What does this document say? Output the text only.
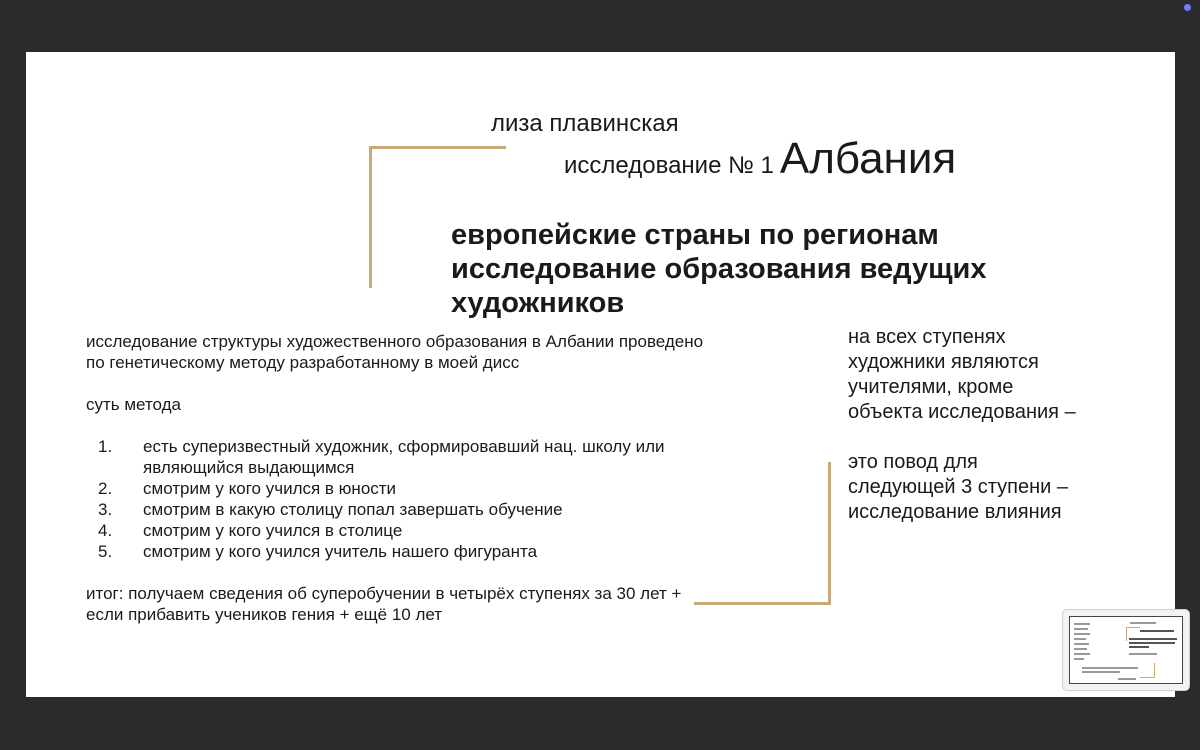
лиза плавинская
исследование № 1 Албания
европейские страны по регионам
исследование образования ведущих
художников

исследование структуры художественного образования в Албании проведено

по генетическому методу разработанному в моей дисс

суть метода

1.	есть суперизвестный художник, сформировавший нац. школу или
являющийся выдающимся
2.	смотрим у кого учился в юности
3.	смотрим в какую столицу попал завершать обучение
4.	смотрим у кого учился в столице
5.	смотрим у кого учился учитель нашего фигуранта

итог: получаем сведения об суперобучении в четырёх ступенях за 30 лет +

если прибавить учеников гения + ещё 10 лет

на всех ступенях
художники являются
учителями, кроме
объекта исследования –
это повод для
следующей 3 ступени –
исследование влияния
